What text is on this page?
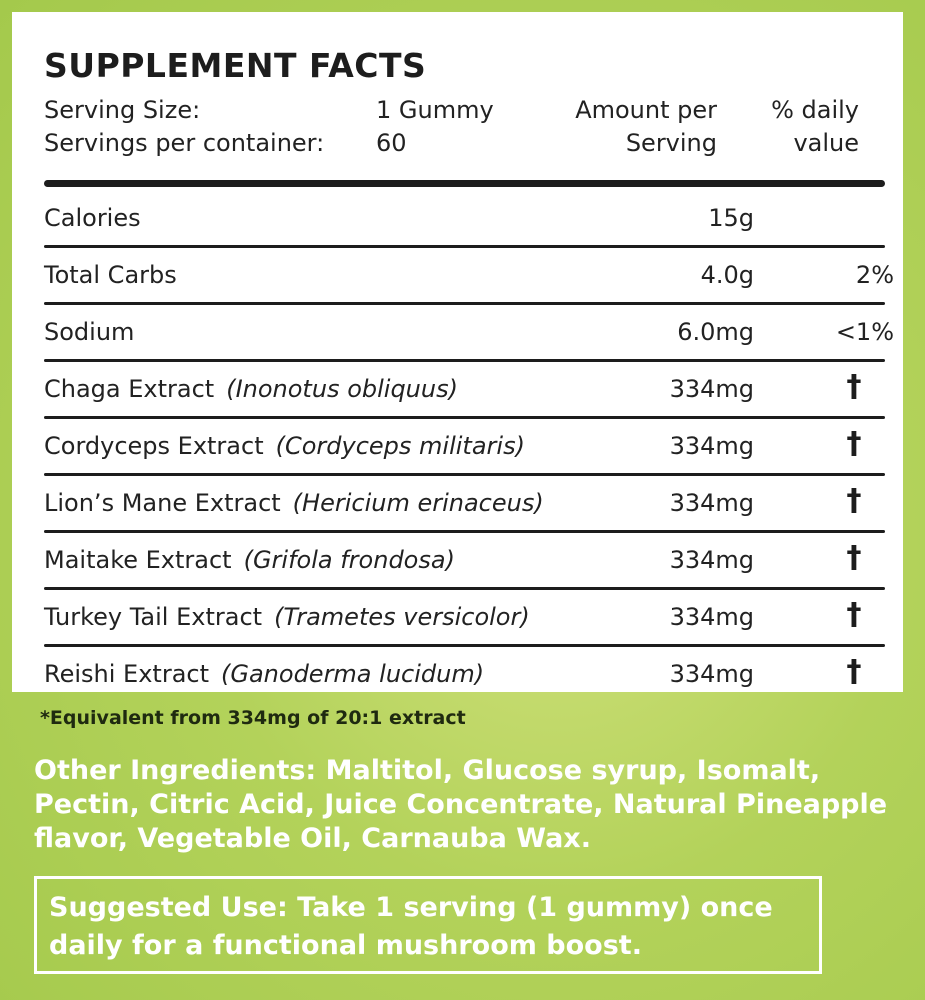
SUPPLEMENT FACTS
Serving Size:	1 Gummy	Amount per	% daily
Servings per container: 60	Serving	value
Calories	15g
Total Carbs	4.0g	2%
Sodium	6.0mg	<1%
Chaga Extract (Inonotus obliquus)	334mg	†
Cordyceps Extract (Cordyceps militaris)	334mg	†
Lion’s Mane Extract (Hericium erinaceus)	334mg	†
Maitake Extract (Grifola frondosa)	334mg	†
Turkey Tail Extract (Trametes versicolor)	334mg	†
Reishi Extract (Ganoderma lucidum)	334mg	†
*Equivalent from 334mg of 20:1 extract
Other Ingredients: Maltitol, Glucose syrup, Isomalt, Pectin, Citric Acid, Juice Concentrate, Natural Pineapple flavor, Vegetable Oil, Carnauba Wax.
Suggested Use: Take 1 serving (1 gummy) once daily for a functional mushroom boost.
